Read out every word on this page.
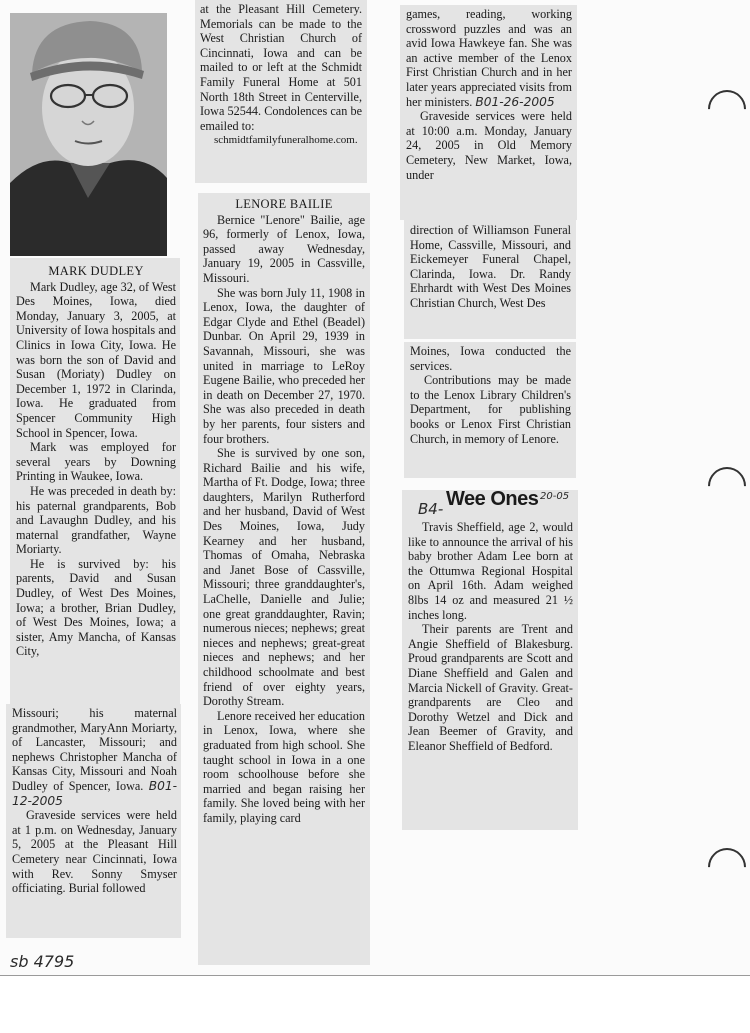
MARK DUDLEY

Mark Dudley, age 32, of West Des Moines, Iowa, died Monday, January 3, 2005, at University of Iowa hospitals and Clinics in Iowa City, Iowa. He was born the son of David and Susan (Moriaty) Dudley on December 1, 1972 in Clarinda, Iowa. He graduated from Spencer Community High School in Spencer, Iowa.

Mark was employed for several years by Downing Printing in Waukee, Iowa.

He was preceded in death by: his paternal grandparents, Bob and Lavaughn Dudley, and his maternal grandfather, Wayne Moriarty.

He is survived by: his parents, David and Susan Dudley, of West Des Moines, Iowa; a brother, Brian Dudley, of West Des Moines, Iowa; a sister, Amy Mancha, of Kansas City,

Missouri; his maternal grandmother, MaryAnn Moriarty, of Lancaster, Missouri; and nephews Christopher Mancha of Kansas City, Missouri and Noah Dudley of Spencer, Iowa. B01-12-2005

Graveside services were held at 1 p.m. on Wednesday, January 5, 2005 at the Pleasant Hill Cemetery near Cincinnati, Iowa with Rev. Sonny Smyser officiating. Burial followed

at the Pleasant Hill Cemetery. Memorials can be made to the West Christian Church of Cincinnati, Iowa and can be mailed to or left at the Schmidt Family Funeral Home at 501 North 18th Street in Centerville, Iowa 52544. Condolences can be emailed to:

schmidtfamilyfuneralhome.com.

LENORE BAILIE

Bernice "Lenore" Bailie, age 96, formerly of Lenox, Iowa, passed away Wednesday, January 19, 2005 in Cassville, Missouri.

She was born July 11, 1908 in Lenox, Iowa, the daughter of Edgar Clyde and Ethel (Beadel) Dunbar. On April 29, 1939 in Savannah, Missouri, she was united in marriage to LeRoy Eugene Bailie, who preceded her in death on December 27, 1970. She was also preceded in death by her parents, four sisters and four brothers.

She is survived by one son, Richard Bailie and his wife, Martha of Ft. Dodge, Iowa; three daughters, Marilyn Rutherford and her husband, David of West Des Moines, Iowa, Judy Kearney and her husband, Thomas of Omaha, Nebraska and Janet Bose of Cassville, Missouri; three granddaughter's, LaChelle, Danielle and Julie; one great granddaughter, Ravin; numerous nieces; nephews; great nieces and nephews; great-great nieces and nephews; and her childhood schoolmate and best friend of over eighty years, Dorothy Stream.

Lenore received her education in Lenox, Iowa, where she graduated from high school. She taught school in Iowa in a one room schoolhouse before she married and began raising her family. She loved being with her family, playing card

games, reading, working crossword puzzles and was an avid Iowa Hawkeye fan. She was an active member of the Lenox First Christian Church and in her later years appreciated visits from her ministers. B01-26-2005

Graveside services were held at 10:00 a.m. Monday, January 24, 2005 in Old Memory Cemetery, New Market, Iowa, under

direction of Williamson Funeral Home, Cassville, Missouri, and Eickemeyer Funeral Chapel, Clarinda, Iowa. Dr. Randy Ehrhardt with West Des Moines Christian Church, West Des

Moines, Iowa conducted the services.

Contributions may be made to the Lenox Library Children's Department, for publishing books or Lenox First Christian Church, in memory of Lenore.

B4- Wee Ones 20-05

Travis Sheffield, age 2, would like to announce the arrival of his baby brother Adam Lee born at the Ottumwa Regional Hospital on April 16th. Adam weighed 8lbs 14 oz and measured 21 ½ inches long.

Their parents are Trent and Angie Sheffield of Blakesburg. Proud grandparents are Scott and Diane Sheffield and Galen and Marcia Nickell of Gravity. Great-grandparents are Cleo and Dorothy Wetzel and Dick and Jean Beemer of Gravity, and Eleanor Sheffield of Bedford.

sb 4795
